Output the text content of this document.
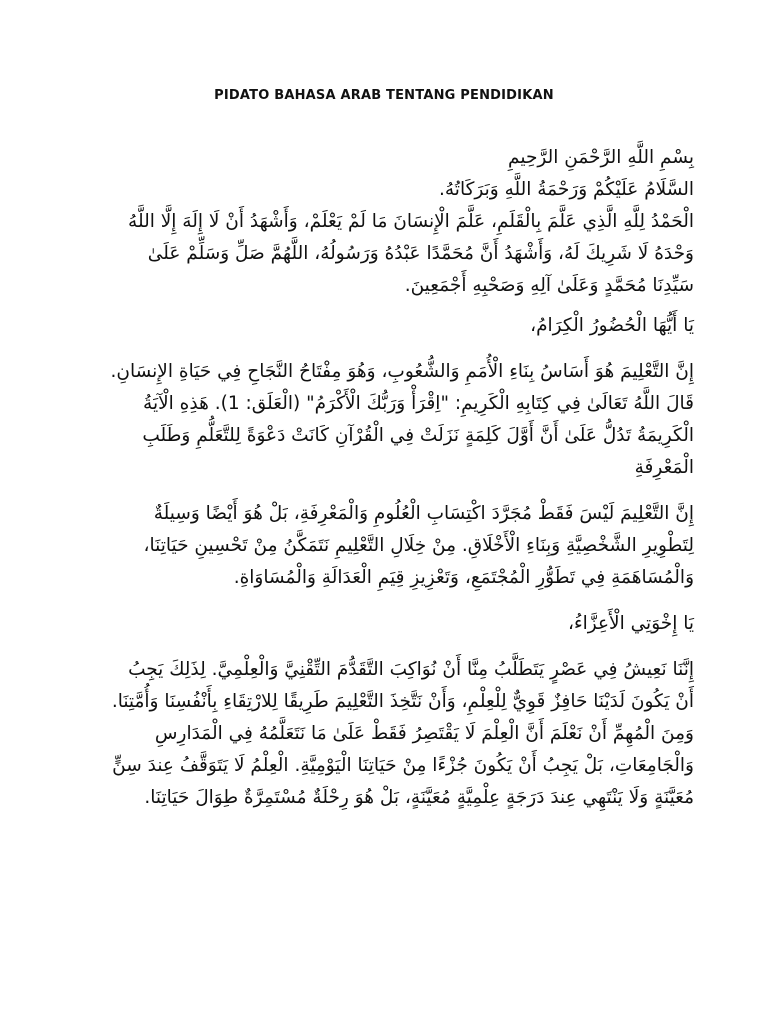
PIDATO BAHASA ARAB TENTANG PENDIDIKAN

بِسْمِ اللَّهِ الرَّحْمَنِ الرَّحِيمِ

السَّلَامُ عَلَيْكُمْ وَرَحْمَةُ اللَّهِ وَبَرَكَاتُهُ.

الْحَمْدُ لِلَّهِ الَّذِي عَلَّمَ بِالْقَلَمِ، عَلَّمَ الْإِنسَانَ مَا لَمْ يَعْلَمْ، وَأَشْهَدُ أَنْ لَا إِلَهَ إِلَّا اللَّهُ وَحْدَهُ لَا شَرِيكَ لَهُ، وَأَشْهَدُ أَنَّ مُحَمَّدًا عَبْدُهُ وَرَسُولُهُ، اللَّهُمَّ صَلِّ وَسَلِّمْ عَلَىٰ سَيِّدِنَا مُحَمَّدٍ وَعَلَىٰ آلِهِ وَصَحْبِهِ أَجْمَعِينَ.

يَا أَيُّهَا الْحُضُورُ الْكِرَامُ،

إِنَّ التَّعْلِيمَ هُوَ أَسَاسُ بِنَاءِ الْأُمَمِ وَالشُّعُوبِ، وَهُوَ مِفْتَاحُ النَّجَاحِ فِي حَيَاةِ الإِنسَانِ. قَالَ اللَّهُ تَعَالَىٰ فِي كِتَابِهِ الْكَرِيمِ: "اِقْرَأْ وَرَبُّكَ الْأَكْرَمُ" (الْعَلَق: 1). هَذِهِ الْآيَةُ الْكَرِيمَةُ تَدُلُّ عَلَىٰ أَنَّ أَوَّلَ كَلِمَةٍ نَزَلَتْ فِي الْقُرْآنِ كَانَتْ دَعْوَةً لِلتَّعَلُّمِ وَطَلَبِ الْمَعْرِفَةِ

إِنَّ التَّعْلِيمَ لَيْسَ فَقَطْ مُجَرَّدَ اكْتِسَابِ الْعُلُومِ وَالْمَعْرِفَةِ، بَلْ هُوَ أَيْضًا وَسِيلَةٌ لِتَطْوِيرِ الشَّخْصِيَّةِ وَبِنَاءِ الْأَخْلَاقِ. مِنْ خِلَالِ التَّعْلِيمِ نَتَمَكَّنُ مِنْ تَحْسِينِ حَيَاتِنَا، وَالْمُسَاهَمَةِ فِي تَطَوُّرِ الْمُجْتَمَعِ، وَتَعْزِيزِ قِيَمِ الْعَدَالَةِ وَالْمُسَاوَاةِ.

يَا إِخْوَتِي الْأَعِزَّاءُ،

إِنَّنَا نَعِيشُ فِي عَصْرٍ يَتَطَلَّبُ مِنَّا أَنْ نُوَاكِبَ التَّقَدُّمَ التِّقْنِيَّ وَالْعِلْمِيَّ. لِذَلِكَ يَجِبُ أَنْ يَكُونَ لَدَيْنَا حَافِزٌ قَوِيٌّ لِلْعِلْمِ، وَأَنْ نَتَّخِذَ التَّعْلِيمَ طَرِيقًا لِلارْتِقَاءِ بِأَنْفُسِنَا وَأُمَّتِنَا. وَمِنَ الْمُهِمِّ أَنْ نَعْلَمَ أَنَّ الْعِلْمَ لَا يَقْتَصِرُ فَقَطْ عَلَىٰ مَا نَتَعَلَّمُهُ فِي الْمَدَارِسِ وَالْجَامِعَاتِ، بَلْ يَجِبُ أَنْ يَكُونَ جُزْءًا مِنْ حَيَاتِنَا الْيَوْمِيَّةِ. الْعِلْمُ لَا يَتَوَقَّفُ عِندَ سِنٍّ مُعَيَّنَةٍ وَلَا يَنْتَهِي عِندَ دَرَجَةٍ عِلْمِيَّةٍ مُعَيَّنَةٍ، بَلْ هُوَ رِحْلَةٌ مُسْتَمِرَّةٌ طِوَالَ حَيَاتِنَا.
